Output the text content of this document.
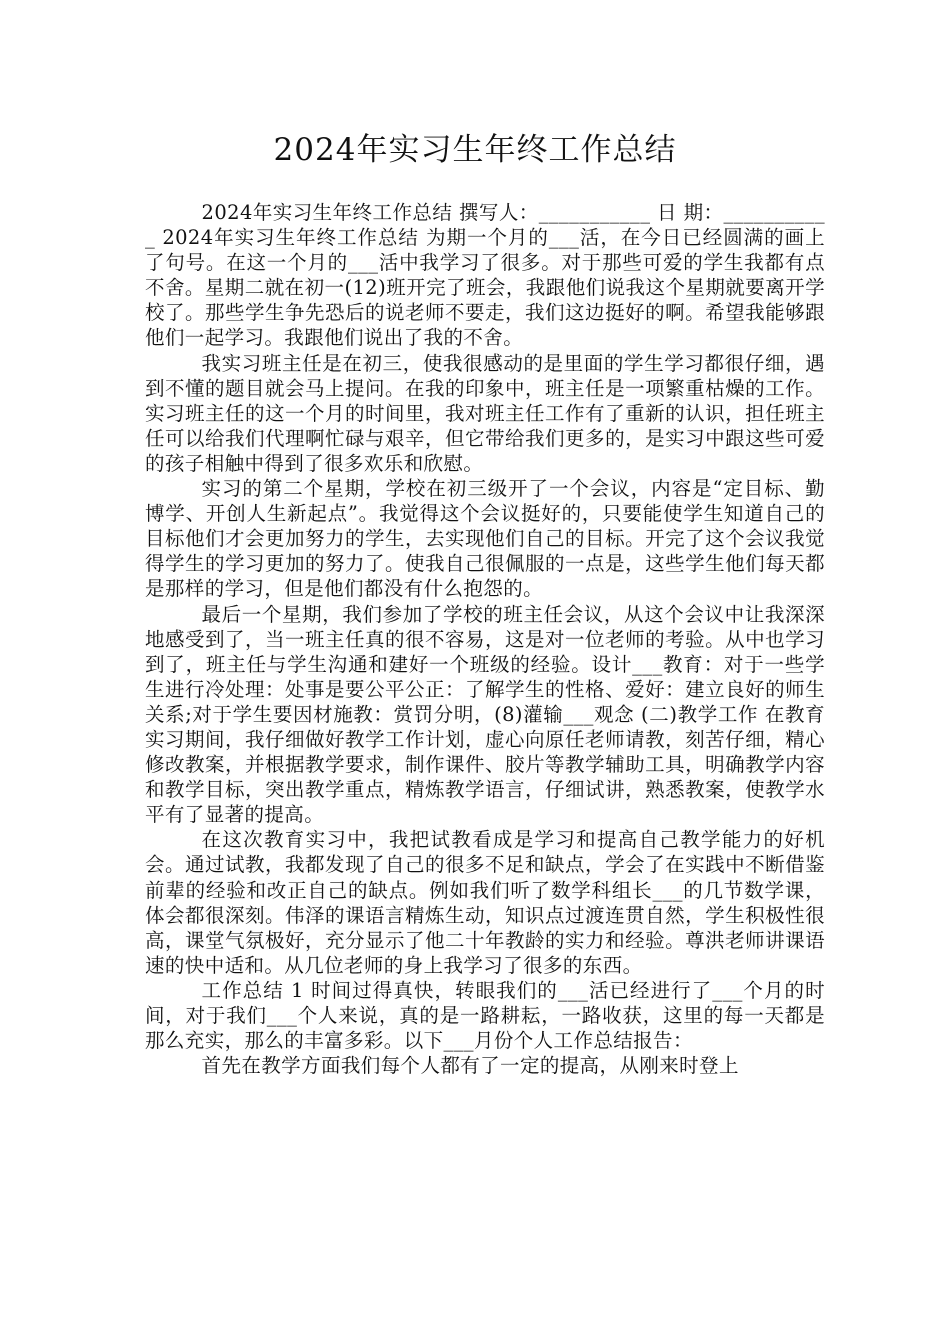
2024年实习生年终工作总结

2024年实习生年终工作总结 撰写人：___________ 日 期：___________ 2024年实习生年终工作总结 为期一个月的___活，在今日已经圆满的画上了句号。在这一个月的___活中我学习了很多。对于那些可爱的学生我都有点不舍。星期二就在初一(12)班开完了班会，我跟他们说我这个星期就要离开学校了。那些学生争先恐后的说老师不要走，我们这边挺好的啊。希望我能够跟他们一起学习。我跟他们说出了我的不舍。

我实习班主任是在初三，使我很感动的是里面的学生学习都很仔细，遇到不懂的题目就会马上提问。在我的印象中，班主任是一项繁重枯燥的工作。实习班主任的这一个月的时间里，我对班主任工作有了重新的认识，担任班主任可以给我们代理啊忙碌与艰辛，但它带给我们更多的，是实习中跟这些可爱的孩子相触中得到了很多欢乐和欣慰。

实习的第二个星期，学校在初三级开了一个会议，内容是“定目标、勤博学、开创人生新起点”。我觉得这个会议挺好的，只要能使学生知道自己的目标他们才会更加努力的学生，去实现他们自己的目标。开完了这个会议我觉得学生的学习更加的努力了。使我自己很佩服的一点是，这些学生他们每天都是那样的学习，但是他们都没有什么抱怨的。

最后一个星期，我们参加了学校的班主任会议，从这个会议中让我深深地感受到了，当一班主任真的很不容易，这是对一位老师的考验。从中也学习到了，班主任与学生沟通和建好一个班级的经验。设计___教育：对于一些学生进行冷处理：处事是要公平公正：了解学生的性格、爱好：建立良好的师生关系;对于学生要因材施教：赏罚分明，(8)灌输___观念 (二)教学工作 在教育实习期间，我仔细做好教学工作计划，虚心向原任老师请教，刻苦仔细，精心修改教案，并根据教学要求，制作课件、胶片等教学辅助工具，明确教学内容和教学目标，突出教学重点，精炼教学语言，仔细试讲，熟悉教案，使教学水平有了显著的提高。

在这次教育实习中，我把试教看成是学习和提高自己教学能力的好机会。通过试教，我都发现了自己的很多不足和缺点，学会了在实践中不断借鉴前辈的经验和改正自己的缺点。例如我们听了数学科组长___的几节数学课，体会都很深刻。伟泽的课语言精炼生动，知识点过渡连贯自然，学生积极性很高，课堂气氛极好，充分显示了他二十年教龄的实力和经验。尊洪老师讲课语速的快中适和。从几位老师的身上我学习了很多的东西。

工作总结 1 时间过得真快，转眼我们的___活已经进行了___个月的时间，对于我们___个人来说，真的是一路耕耘，一路收获，这里的每一天都是那么充实，那么的丰富多彩。以下___月份个人工作总结报告：

首先在教学方面我们每个人都有了一定的提高，从刚来时登上
